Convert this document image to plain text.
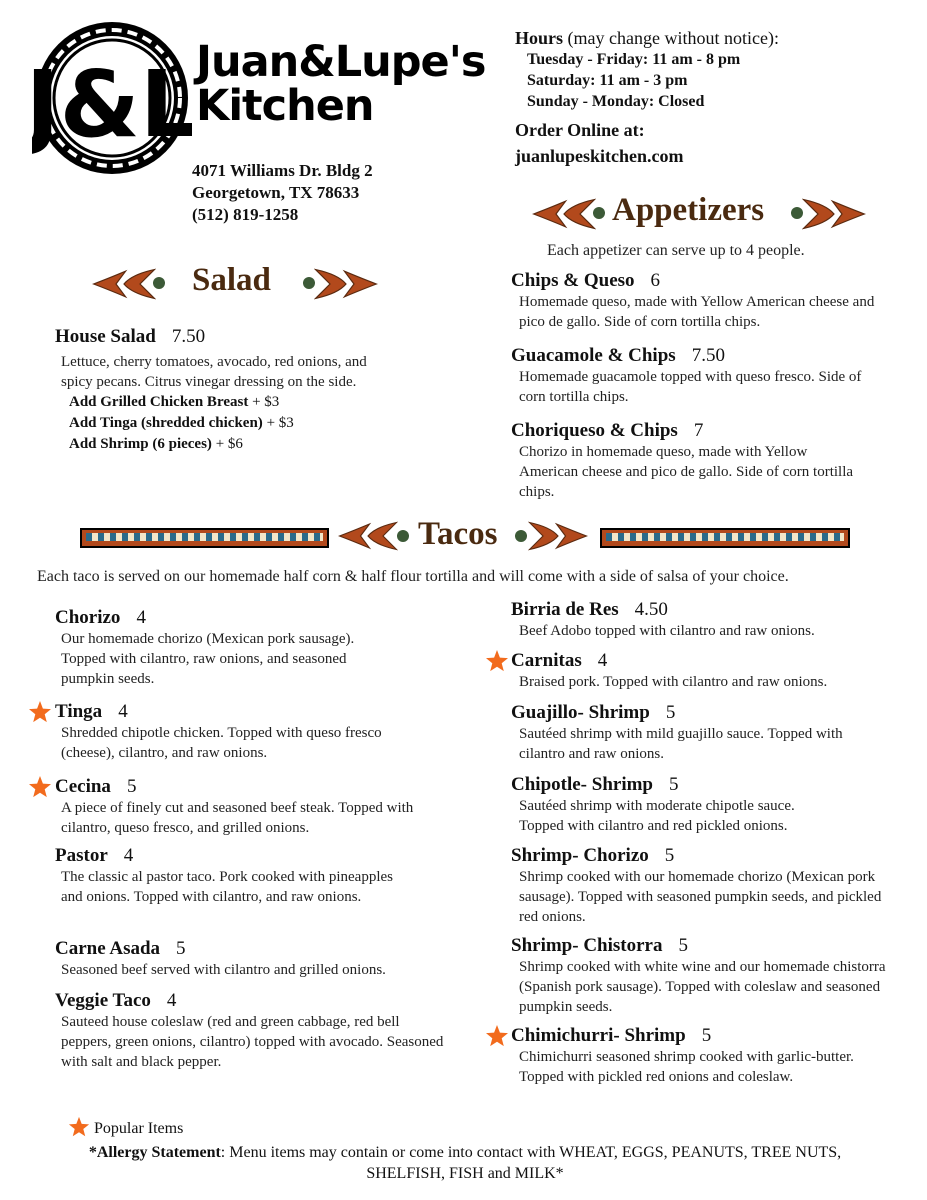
J&L
Juan&Lupe's
Kitchen
4071 Williams Dr. Bldg 2
Georgetown, TX 78633
(512) 819-1258
Hours (may change without notice):
Tuesday - Friday: 11 am - 8 pm
Saturday: 11 am - 3 pm
Sunday - Monday: Closed
Order Online at:
juanlupeskitchen.com
Appetizers
Each appetizer can serve up to 4 people.
Salad
House Salad 7.50
Lettuce, cherry tomatoes, avocado, red onions, and spicy pecans. Citrus vinegar dressing on the side.
Add Grilled Chicken Breast + $3
Add Tinga (shredded chicken) + $3
Add Shrimp (6 pieces) + $6
Chips & Queso 6
Homemade queso, made with Yellow American cheese and pico de gallo. Side of corn tortilla chips.
Guacamole & Chips 7.50
Homemade guacamole topped with queso fresco. Side of corn tortilla chips.
Choriqueso & Chips 7
Chorizo in homemade queso, made with Yellow American cheese and pico de gallo. Side of corn tortilla chips.
Tacos
Each taco is served on our homemade half corn & half flour tortilla and will come with a side of salsa of your choice.
Chorizo 4
Our homemade chorizo (Mexican pork sausage). Topped with cilantro, raw onions, and seasoned pumpkin seeds.
Tinga 4
Shredded chipotle chicken. Topped with queso fresco (cheese), cilantro, and raw onions.
Cecina 5
A piece of finely cut and seasoned beef steak. Topped with cilantro, queso fresco, and grilled onions.
Pastor 4
The classic al pastor taco. Pork cooked with pineapples and onions. Topped with cilantro, and raw onions.
Carne Asada 5
Seasoned beef served with cilantro and grilled onions.
Veggie Taco 4
Sauteed house coleslaw (red and green cabbage, red bell peppers, green onions, cilantro) topped with avocado. Seasoned with salt and black pepper.
Birria de Res 4.50
Beef Adobo topped with cilantro and raw onions.
Carnitas 4
Braised pork. Topped with cilantro and raw onions.
Guajillo- Shrimp 5
Sautéed shrimp with mild guajillo sauce. Topped with cilantro and raw onions.
Chipotle- Shrimp 5
Sautéed shrimp with moderate chipotle sauce. Topped with cilantro and red pickled onions.
Shrimp- Chorizo 5
Shrimp cooked with our homemade chorizo (Mexican pork sausage). Topped with seasoned pumpkin seeds, and pickled red onions.
Shrimp- Chistorra 5
Shrimp cooked with white wine and our homemade chistorra (Spanish pork sausage). Topped with coleslaw and seasoned pumpkin seeds.
Chimichurri- Shrimp 5
Chimichurri seasoned shrimp cooked with garlic-butter. Topped with pickled red onions and coleslaw.
Popular Items
*Allergy Statement: Menu items may contain or come into contact with WHEAT, EGGS, PEANUTS, TREE NUTS, SHELFISH, FISH and MILK*
